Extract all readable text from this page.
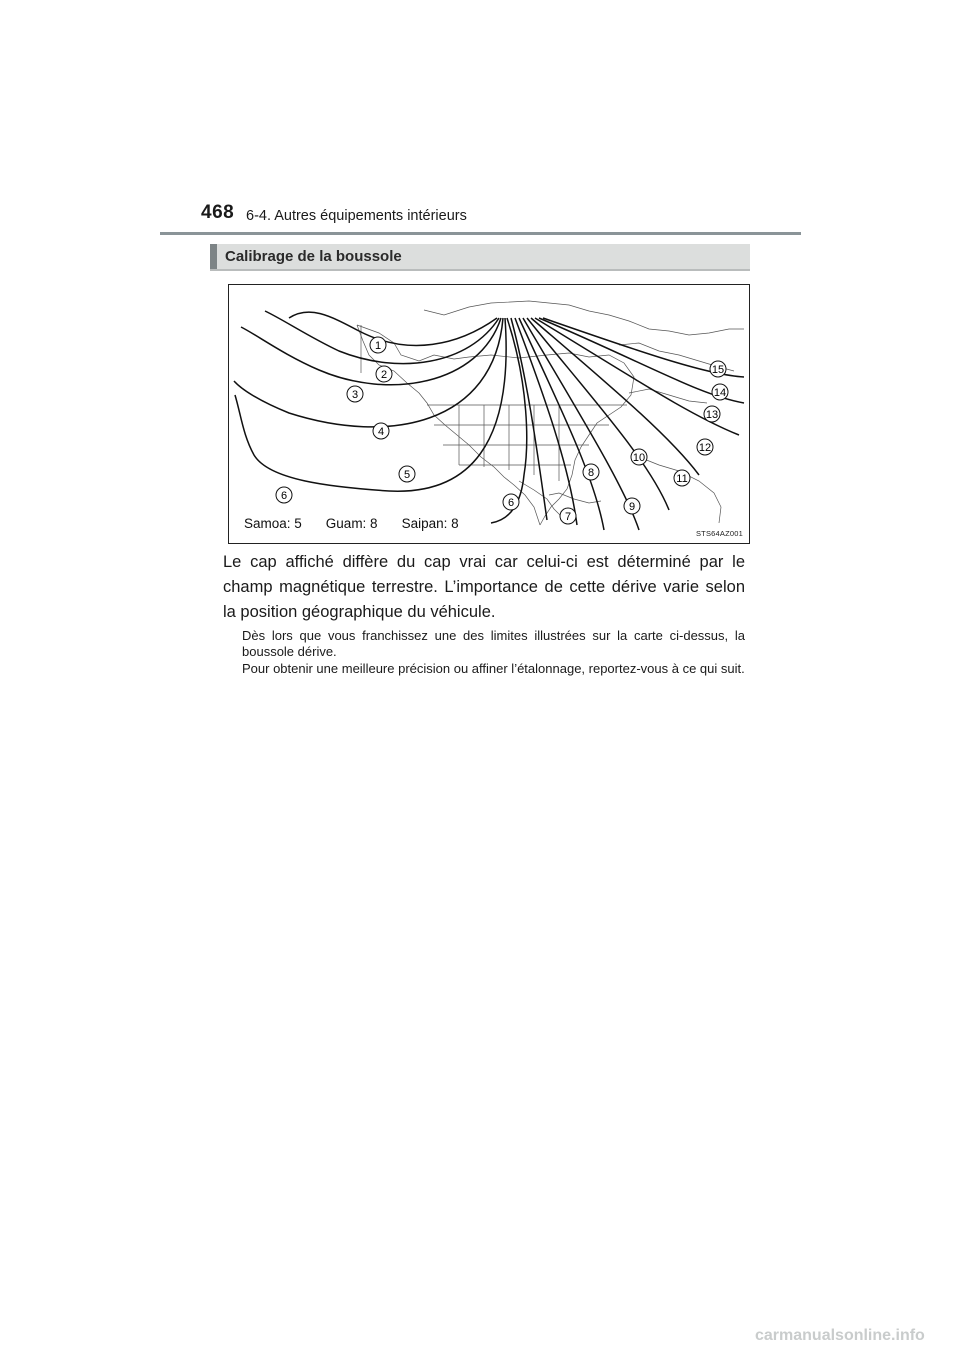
468 6-4. Autres équipements intérieurs
Calibrage de la boussole
1
2
3
4
5
6
6
7
8
9
10
11
12
13
14
15
Samoa: 5 Guam: 8 Saipan: 8
STS64AZ001
Le cap affiché diffère du cap vrai car celui-ci est déterminé par le champ magnétique terrestre. L’importance de cette dérive varie selon la position géographique du véhicule.
Dès lors que vous franchissez une des limites illustrées sur la carte ci-dessus, la boussole dérive.
Pour obtenir une meilleure précision ou affiner l’étalonnage, reportez-vous à ce qui suit.
carmanualsonline.info
